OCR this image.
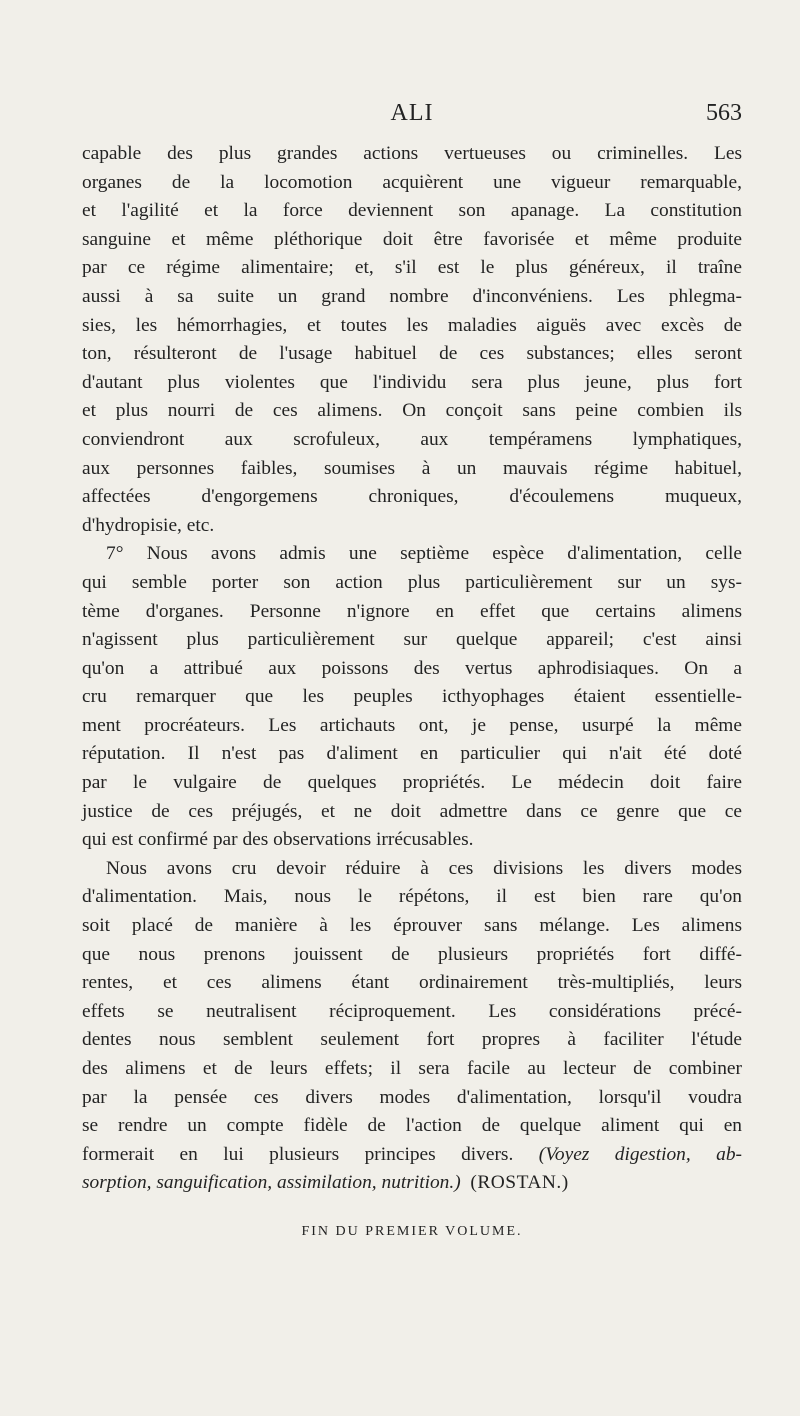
ALI	563

capable des plus grandes actions vertueuses ou criminelles. Les
organes de la locomotion acquièrent une vigueur remarquable,
et l'agilité et la force deviennent son apanage. La constitution
sanguine et même pléthorique doit être favorisée et même produite
par ce régime alimentaire; et, s'il est le plus généreux, il traîne
aussi à sa suite un grand nombre d'inconvéniens. Les phlegma-
sies, les hémorrhagies, et toutes les maladies aiguës avec excès de
ton, résulteront de l'usage habituel de ces substances; elles seront
d'autant plus violentes que l'individu sera plus jeune, plus fort
et plus nourri de ces alimens. On conçoit sans peine combien ils
conviendront aux scrofuleux, aux tempéramens lymphatiques,
aux personnes faibles, soumises à un mauvais régime habituel,
affectées d'engorgemens chroniques, d'écoulemens muqueux,
d'hydropisie, etc.

7° Nous avons admis une septième espèce d'alimentation, celle
qui semble porter son action plus particulièrement sur un sys-
tème d'organes. Personne n'ignore en effet que certains alimens
n'agissent plus particulièrement sur quelque appareil; c'est ainsi
qu'on a attribué aux poissons des vertus aphrodisiaques. On a
cru remarquer que les peuples icthyophages étaient essentielle-
ment procréateurs. Les artichauts ont, je pense, usurpé la même
réputation. Il n'est pas d'aliment en particulier qui n'ait été doté
par le vulgaire de quelques propriétés. Le médecin doit faire
justice de ces préjugés, et ne doit admettre dans ce genre que ce
qui est confirmé par des observations irrécusables.

Nous avons cru devoir réduire à ces divisions les divers modes
d'alimentation. Mais, nous le répétons, il est bien rare qu'on
soit placé de manière à les éprouver sans mélange. Les alimens
que nous prenons jouissent de plusieurs propriétés fort diffé-
rentes, et ces alimens étant ordinairement très-multipliés, leurs
effets se neutralisent réciproquement. Les considérations précé-
dentes nous semblent seulement fort propres à faciliter l'étude
des alimens et de leurs effets; il sera facile au lecteur de combiner
par la pensée ces divers modes d'alimentation, lorsqu'il voudra
se rendre un compte fidèle de l'action de quelque aliment qui en
formerait en lui plusieurs principes divers. (Voyez digestion, ab-
sorption, sanguification, assimilation, nutrition.) (ROSTAN.)

FIN DU PREMIER VOLUME.
